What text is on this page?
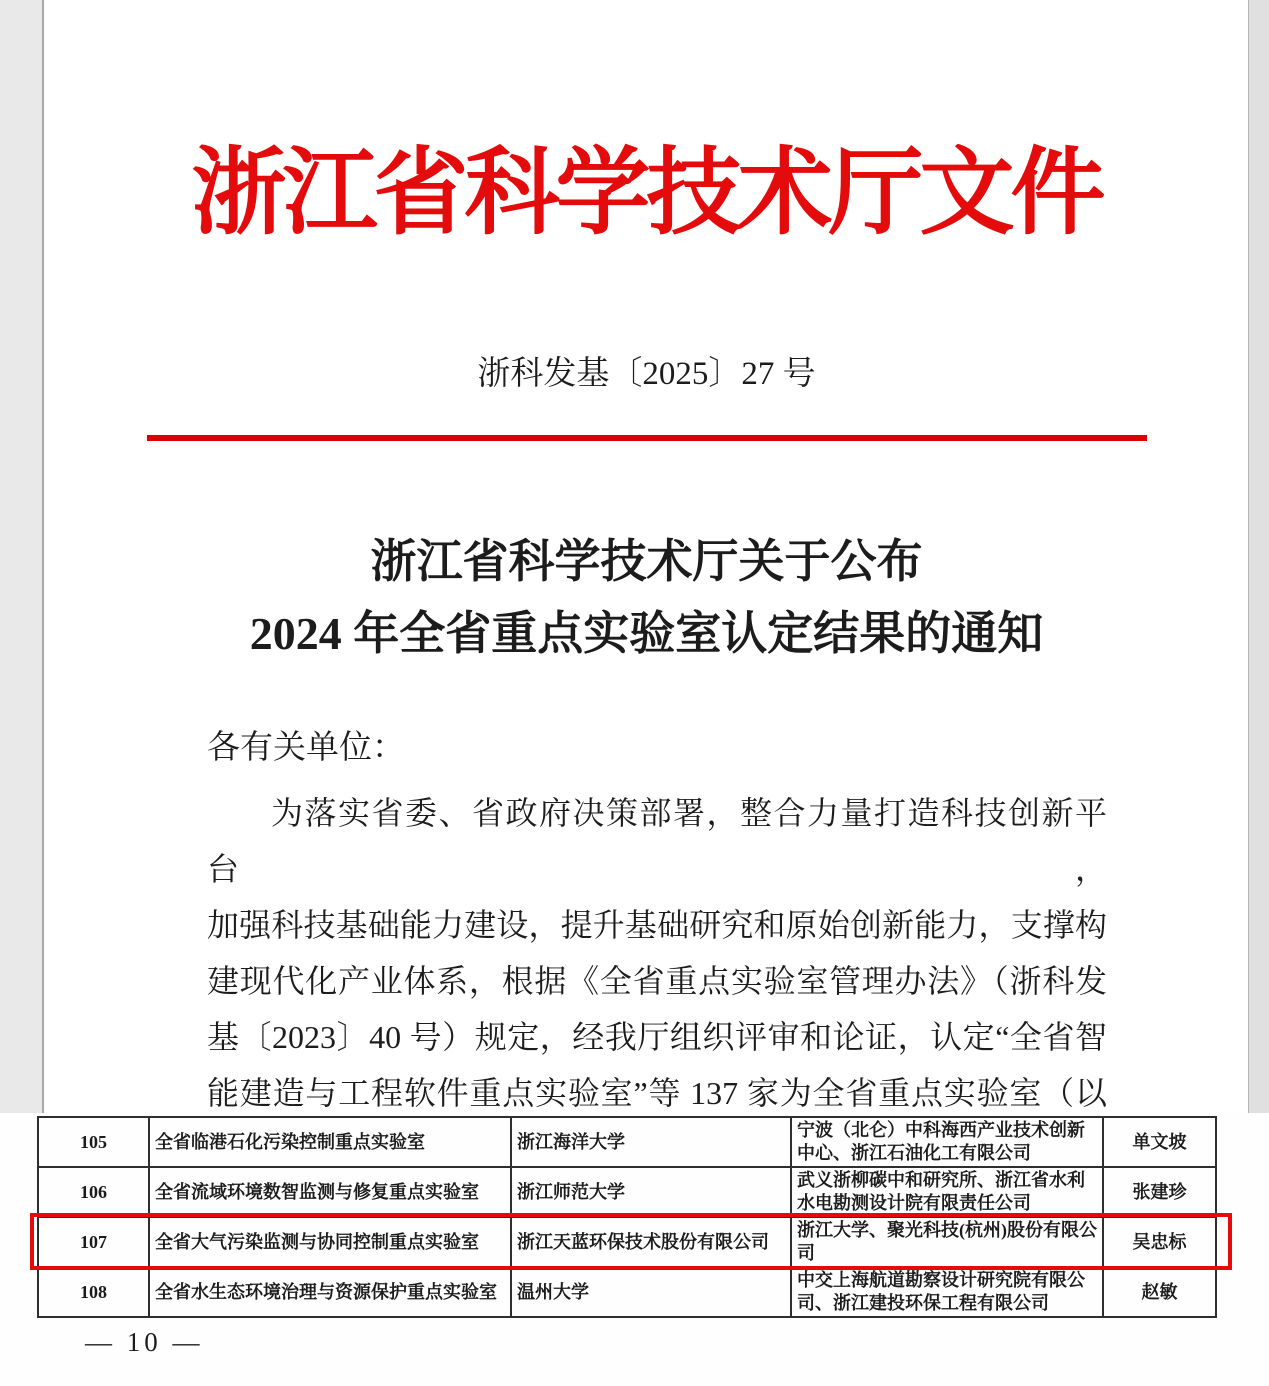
浙江省科学技术厅文件
浙科发基〔2025〕27 号
浙江省科学技术厅关于公布
2024 年全省重点实验室认定结果的通知
各有关单位：
为落实省委、省政府决策部署，整合力量打造科技创新平台，
加强科技基础能力建设，提升基础研究和原始创新能力，支撑构
建现代化产业体系，根据《全省重点实验室管理办法》（浙科发
基〔2023〕40 号）规定，经我厅组织评审和论证，认定“全省智
能建造与工程软件重点实验室”等 137 家为全省重点实验室（以
105	全省临港石化污染控制重点实验室	浙江海洋大学	宁波（北仑）中科海西产业技术创新中心、浙江石油化工有限公司	单文坡
106	全省流域环境数智监测与修复重点实验室	浙江师范大学	武义浙柳碳中和研究所、浙江省水利水电勘测设计院有限责任公司	张建珍
107	全省大气污染监测与协同控制重点实验室	浙江天蓝环保技术股份有限公司	浙江大学、聚光科技(杭州)股份有限公司	吴忠标
108	全省水生态环境治理与资源保护重点实验室	温州大学	中交上海航道勘察设计研究院有限公司、浙江建投环保工程有限公司	赵敏
— 10 —
